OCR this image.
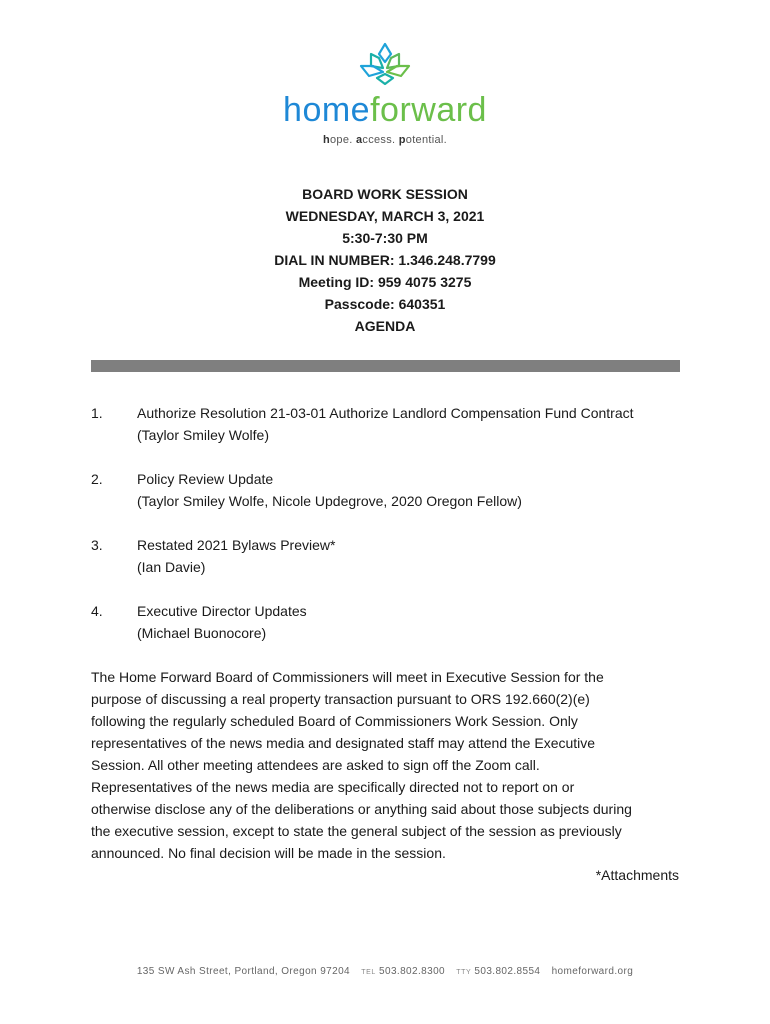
homeforward
hope. access. potential.
BOARD WORK SESSION
WEDNESDAY, MARCH 3, 2021
5:30-7:30 PM
DIAL IN NUMBER: 1.346.248.7799
Meeting ID: 959 4075 3275
Passcode: 640351
AGENDA
1.	Authorize Resolution 21-03-01 Authorize Landlord Compensation Fund Contract
(Taylor Smiley Wolfe)
2.	Policy Review Update
(Taylor Smiley Wolfe, Nicole Updegrove, 2020 Oregon Fellow)
3.	Restated 2021 Bylaws Preview*
(Ian Davie)
4.	Executive Director Updates
(Michael Buonocore)
The Home Forward Board of Commissioners will meet in Executive Session for the
purpose of discussing a real property transaction pursuant to ORS 192.660(2)(e)
following the regularly scheduled Board of Commissioners Work Session. Only
representatives of the news media and designated staff may attend the Executive
Session. All other meeting attendees are asked to sign off the Zoom call.
Representatives of the news media are specifically directed not to report on or
otherwise disclose any of the deliberations or anything said about those subjects during
the executive session, except to state the general subject of the session as previously
announced. No final decision will be made in the session.
*Attachments
135 SW Ash Street, Portland, Oregon 97204 TEL 503.802.8300 TTY 503.802.8554 homeforward.org
